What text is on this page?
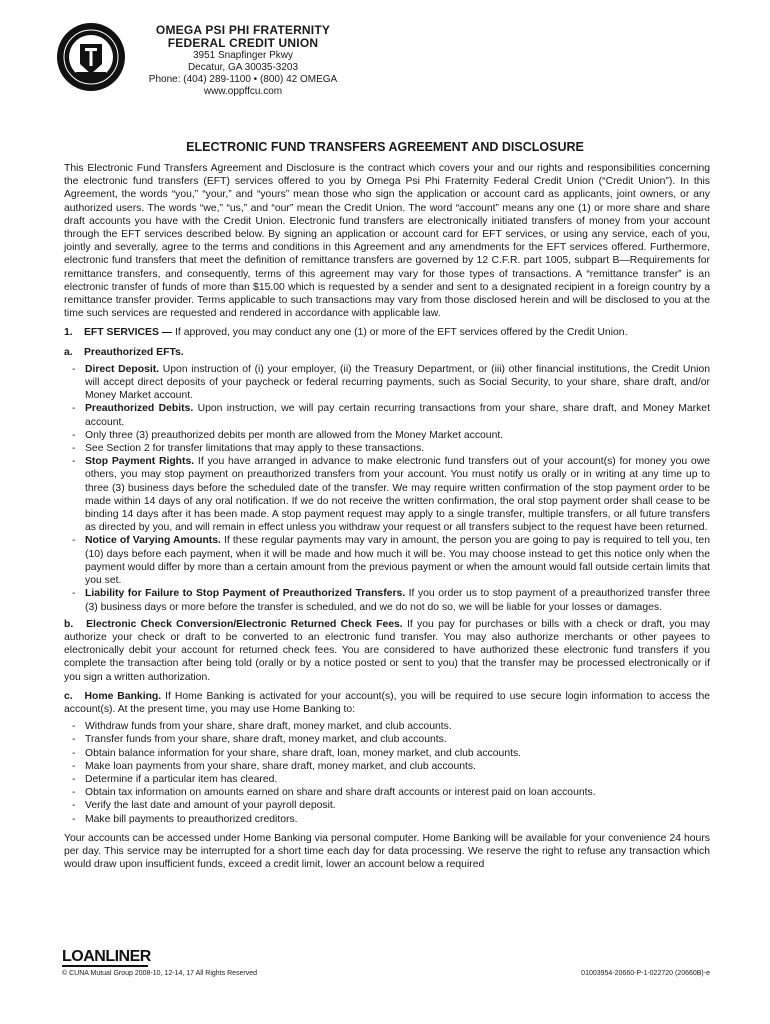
OMEGA PSI PHI FRATERNITY
FEDERAL CREDIT UNION
3951 Snapfinger Pkwy
Decatur, GA 30035-3203
Phone: (404) 289-1100 • (800) 42 OMEGA
www.oppffcu.com
ELECTRONIC FUND TRANSFERS AGREEMENT AND DISCLOSURE

This Electronic Fund Transfers Agreement and Disclosure is the contract which covers your and our rights and responsibilities concerning the electronic fund transfers (EFT) services offered to you by Omega Psi Phi Fraternity Federal Credit Union (“Credit Union”). In this Agreement, the words “you,” “your,” and “yours” mean those who sign the application or account card as applicants, joint owners, or any authorized users. The words “we,” “us,” and “our” mean the Credit Union. The word “account” means any one (1) or more share and share draft accounts you have with the Credit Union. Electronic fund transfers are electronically initiated transfers of money from your account through the EFT services described below. By signing an application or account card for EFT services, or using any service, each of you, jointly and severally, agree to the terms and conditions in this Agreement and any amendments for the EFT services offered. Furthermore, electronic fund transfers that meet the definition of remittance transfers are governed by 12 C.F.R. part 1005, subpart B—Requirements for remittance transfers, and consequently, terms of this agreement may vary for those types of transactions. A “remittance transfer” is an electronic transfer of funds of more than $15.00 which is requested by a sender and sent to a designated recipient in a foreign country by a remittance transfer provider. Terms applicable to such transactions may vary from those disclosed herein and will be disclosed to you at the time such services are requested and rendered in accordance with applicable law.

1. EFT SERVICES — If approved, you may conduct any one (1) or more of the EFT services offered by the Credit Union.
a. Preauthorized EFTs.
- Direct Deposit. Upon instruction of (i) your employer, (ii) the Treasury Department, or (iii) other financial institutions, the Credit Union will accept direct deposits of your paycheck or federal recurring payments, such as Social Security, to your share, share draft, and/or Money Market account.
- Preauthorized Debits. Upon instruction, we will pay certain recurring transactions from your share, share draft, and Money Market account.
- Only three (3) preauthorized debits per month are allowed from the Money Market account.
- See Section 2 for transfer limitations that may apply to these transactions.
- Stop Payment Rights. If you have arranged in advance to make electronic fund transfers out of your account(s) for money you owe others, you may stop payment on preauthorized transfers from your account. You must notify us orally or in writing at any time up to three (3) business days before the scheduled date of the transfer. We may require written confirmation of the stop payment order to be made within 14 days of any oral notification. If we do not receive the written confirmation, the oral stop payment order shall cease to be binding 14 days after it has been made. A stop payment request may apply to a single transfer, multiple transfers, or all future transfers as directed by you, and will remain in effect unless you withdraw your request or all transfers subject to the request have been returned.
- Notice of Varying Amounts. If these regular payments may vary in amount, the person you are going to pay is required to tell you, ten (10) days before each payment, when it will be made and how much it will be. You may choose instead to get this notice only when the payment would differ by more than a certain amount from the previous payment or when the amount would fall outside certain limits that you set.
- Liability for Failure to Stop Payment of Preauthorized Transfers. If you order us to stop payment of a preauthorized transfer three (3) business days or more before the transfer is scheduled, and we do not do so, we will be liable for your losses or damages.

b. Electronic Check Conversion/Electronic Returned Check Fees. If you pay for purchases or bills with a check or draft, you may authorize your check or draft to be converted to an electronic fund transfer. You may also authorize merchants or other payees to electronically debit your account for returned check fees. You are considered to have authorized these electronic fund transfers if you complete the transaction after being told (orally or by a notice posted or sent to you) that the transfer may be processed electronically or if you sign a written authorization.

c. Home Banking. If Home Banking is activated for your account(s), you will be required to use secure login information to access the account(s). At the present time, you may use Home Banking to:

- Withdraw funds from your share, share draft, money market, and club accounts.
- Transfer funds from your share, share draft, money market, and club accounts.
- Obtain balance information for your share, share draft, loan, money market, and club accounts.
- Make loan payments from your share, share draft, money market, and club accounts.
- Determine if a particular item has cleared.
- Obtain tax information on amounts earned on share and share draft accounts or interest paid on loan accounts.
- Verify the last date and amount of your payroll deposit.
- Make bill payments to preauthorized creditors.

Your accounts can be accessed under Home Banking via personal computer. Home Banking will be available for your convenience 24 hours per day. This service may be interrupted for a short time each day for data processing. We reserve the right to refuse any transaction which would draw upon insufficient funds, exceed a credit limit, lower an account below a required

LOANLINER
© CUNA Mutual Group 2008-10, 12-14, 17 All Rights Reserved	01003954-20660-P-1-022720 (20660B)-e
